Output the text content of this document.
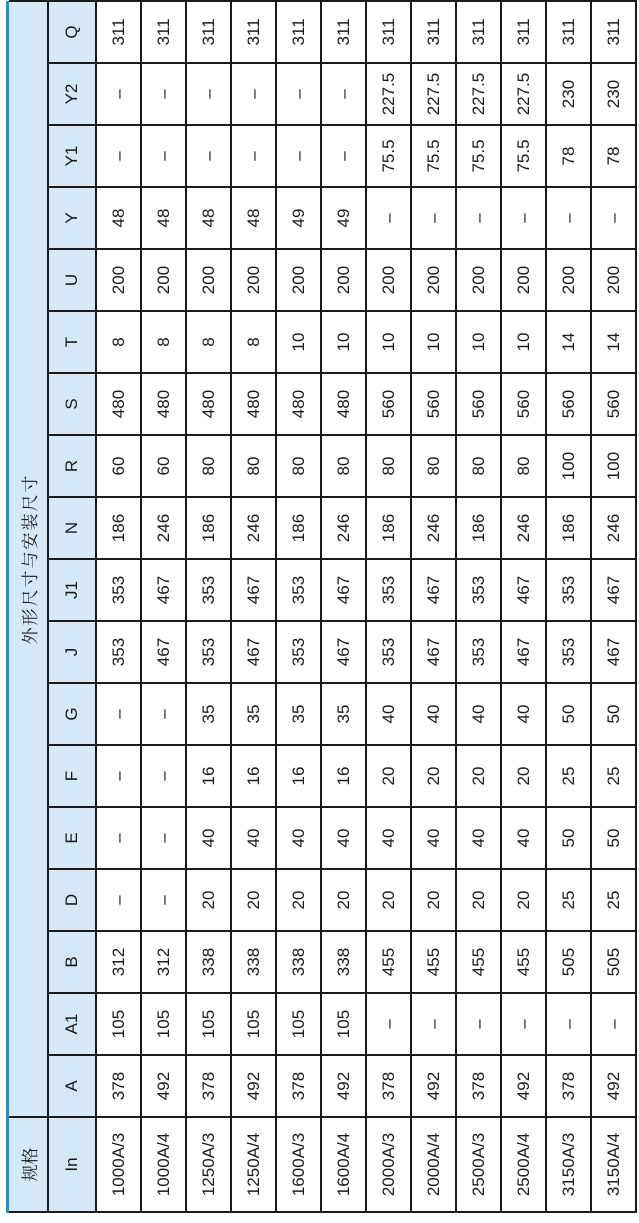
规格	外形尺寸与安装尺寸																	
In	A	A1	B	D	E	F	G	J	J1	N	R	S	T	U	Y	Y1	Y2	Q
1000A/3	378	105	312	–	–	–	–	353	353	186	60	480	8	200	48	–	–	311
1000A/4	492	105	312	–	–	–	–	467	467	246	60	480	8	200	48	–	–	311
1250A/3	378	105	338	20	40	16	35	353	353	186	80	480	8	200	48	–	–	311
1250A/4	492	105	338	20	40	16	35	467	467	246	80	480	8	200	48	–	–	311
1600A/3	378	105	338	20	40	16	35	353	353	186	80	480	10	200	49	–	–	311
1600A/4	492	105	338	20	40	16	35	467	467	246	80	480	10	200	49	–	–	311
2000A/3	378	–	455	20	40	20	40	353	353	186	80	560	10	200	–	75.5	227.5	311
2000A/4	492	–	455	20	40	20	40	467	467	246	80	560	10	200	–	75.5	227.5	311
2500A/3	378	–	455	20	40	20	40	353	353	186	80	560	10	200	–	75.5	227.5	311
2500A/4	492	–	455	20	40	20	40	467	467	246	80	560	10	200	–	75.5	227.5	311
3150A/3	378	–	505	25	50	25	50	353	353	186	100	560	14	200	–	78	230	311
3150A/4	492	–	505	25	50	25	50	467	467	246	100	560	14	200	–	78	230	311
